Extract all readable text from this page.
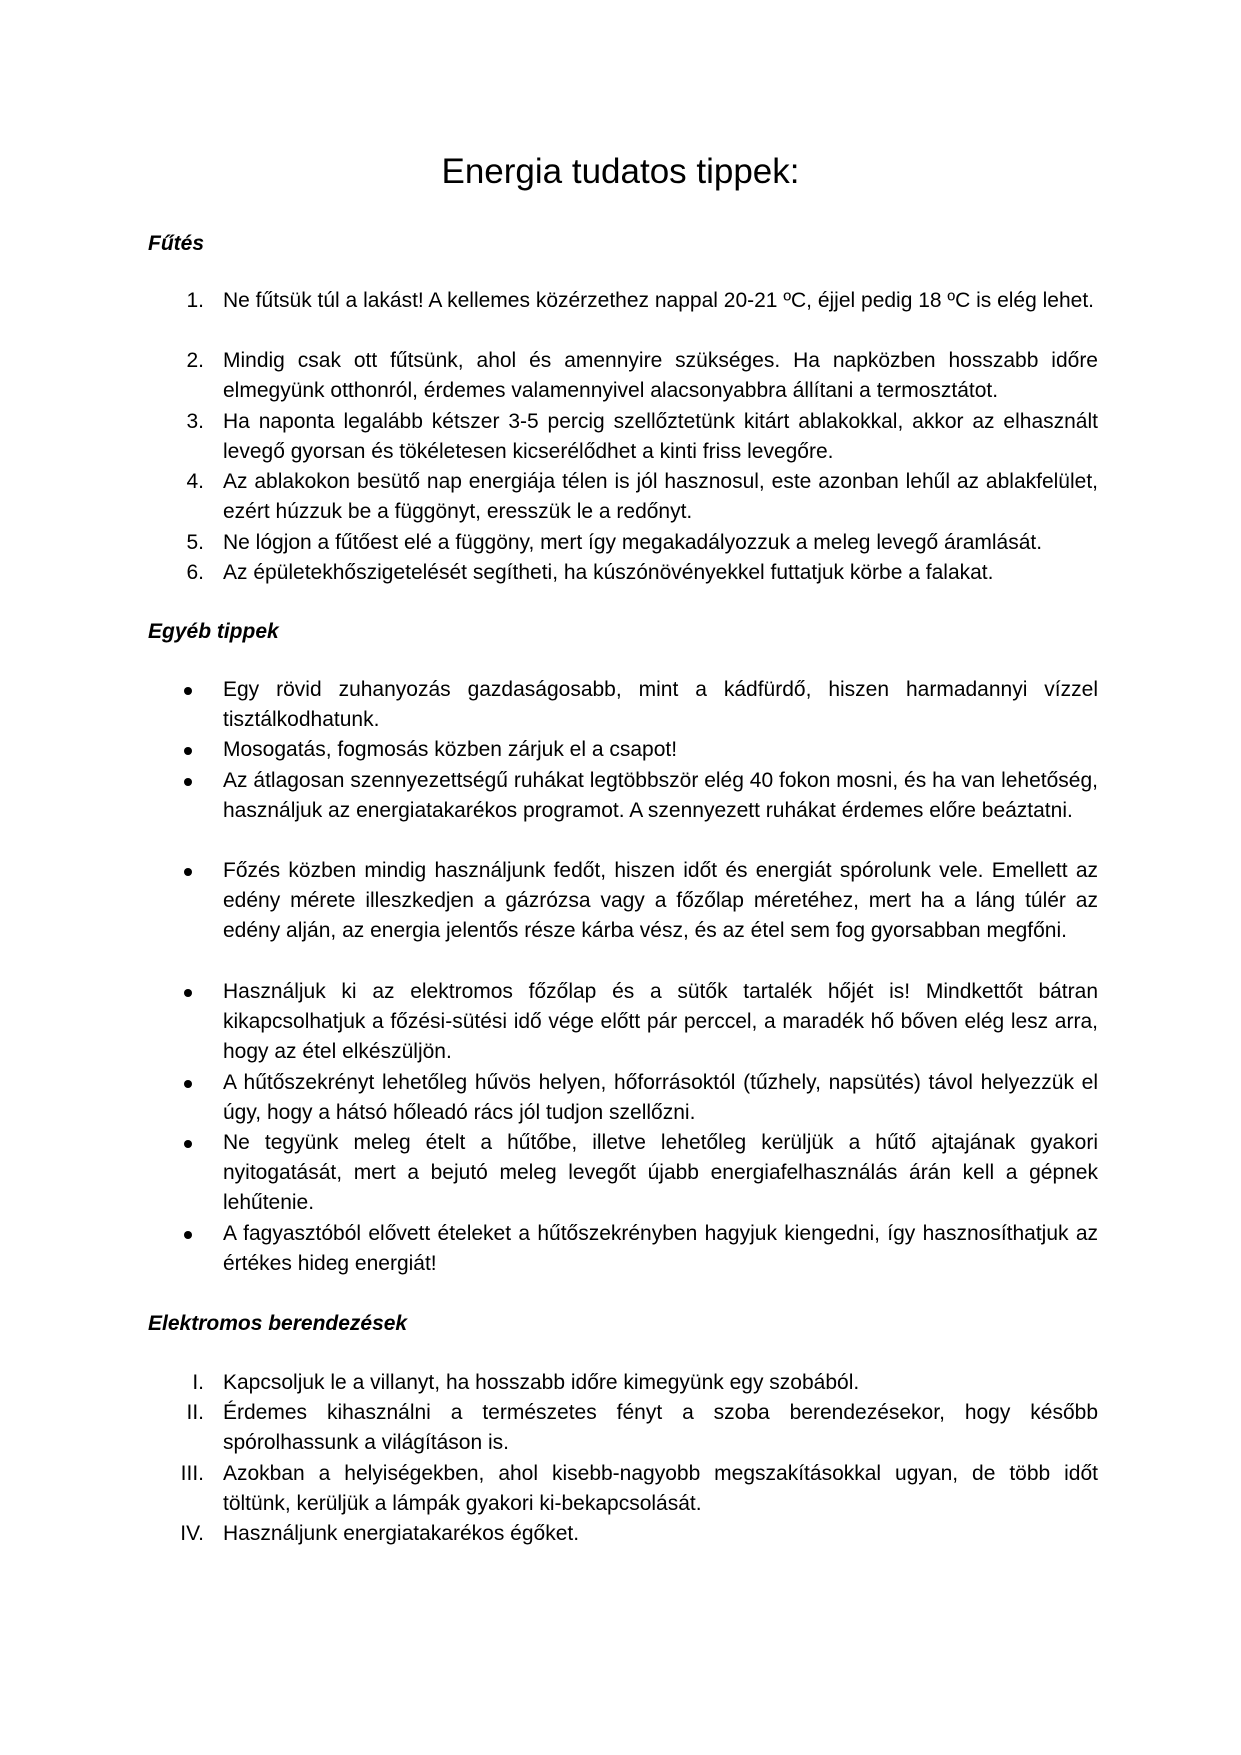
Energia tudatos tippek:
Fűtés
1. Ne fűtsük túl a lakást! A kellemes közérzethez nappal 20-21 ºC, éjjel pedig 18 ºC is elég lehet.
2. Mindig csak ott fűtsünk, ahol és amennyire szükséges. Ha napközben hosszabb időre elmegyünk otthonról, érdemes valamennyivel alacsonyabbra állítani a termosztátot.
3. Ha naponta legalább kétszer 3-5 percig szellőztetünk kitárt ablakokkal, akkor az elhasznált levegő gyorsan és tökéletesen kicserélődhet a kinti friss levegőre.
4. Az ablakokon besütő nap energiája télen is jól hasznosul, este azonban lehűl az ablakfelület, ezért húzzuk be a függönyt, eresszük le a redőnyt.
5. Ne lógjon a fűtőest elé a függöny, mert így megakadályozzuk a meleg levegő áramlását.
6. Az épületekhőszigetelését segítheti, ha kúszónövényekkel futtatjuk körbe a falakat.
Egyéb tippek
Egy rövid zuhanyozás gazdaságosabb, mint a kádfürdő, hiszen harmadannyi vízzel tisztálkodhatunk.
Mosogatás, fogmosás közben zárjuk el a csapot!
Az átlagosan szennyezettségű ruhákat legtöbbször elég 40 fokon mosni, és ha van lehetőség, használjuk az energiatakarékos programot. A szennyezett ruhákat érdemes előre beáztatni.
Főzés közben mindig használjunk fedőt, hiszen időt és energiát spórolunk vele. Emellett az edény mérete illeszkedjen a gázrózsa vagy a főzőlap méretéhez, mert ha a láng túlér az edény alján, az energia jelentős része kárba vész, és az étel sem fog gyorsabban megfőni.
Használjuk ki az elektromos főzőlap és a sütők tartalék hőjét is! Mindkettőt bátran kikapcsolhatjuk a főzési-sütési idő vége előtt pár perccel, a maradék hő bőven elég lesz arra, hogy az étel elkészüljön.
A hűtőszekrényt lehetőleg hűvös helyen, hőforrásoktól (tűzhely, napsütés) távol helyezzük el úgy, hogy a hátsó hőleadó rács jól tudjon szellőzni.
Ne tegyünk meleg ételt a hűtőbe, illetve lehetőleg kerüljük a hűtő ajtajának gyakori nyitogatását, mert a bejutó meleg levegőt újabb energiafelhasználás árán kell a gépnek lehűtenie.
A fagyasztóból elővett ételeket a hűtőszekrényben hagyjuk kiengedni, így hasznosíthatjuk az értékes hideg energiát!
Elektromos berendezések
I. Kapcsoljuk le a villanyt, ha hosszabb időre kimegyünk egy szobából.
II. Érdemes kihasználni a természetes fényt a szoba berendezésekor, hogy később spórolhassunk a világításon is.
III. Azokban a helyiségekben, ahol kisebb-nagyobb megszakításokkal ugyan, de több időt töltünk, kerüljük a lámpák gyakori ki-bekapcsolását.
IV. Használjunk energiatakarékos égőket.
